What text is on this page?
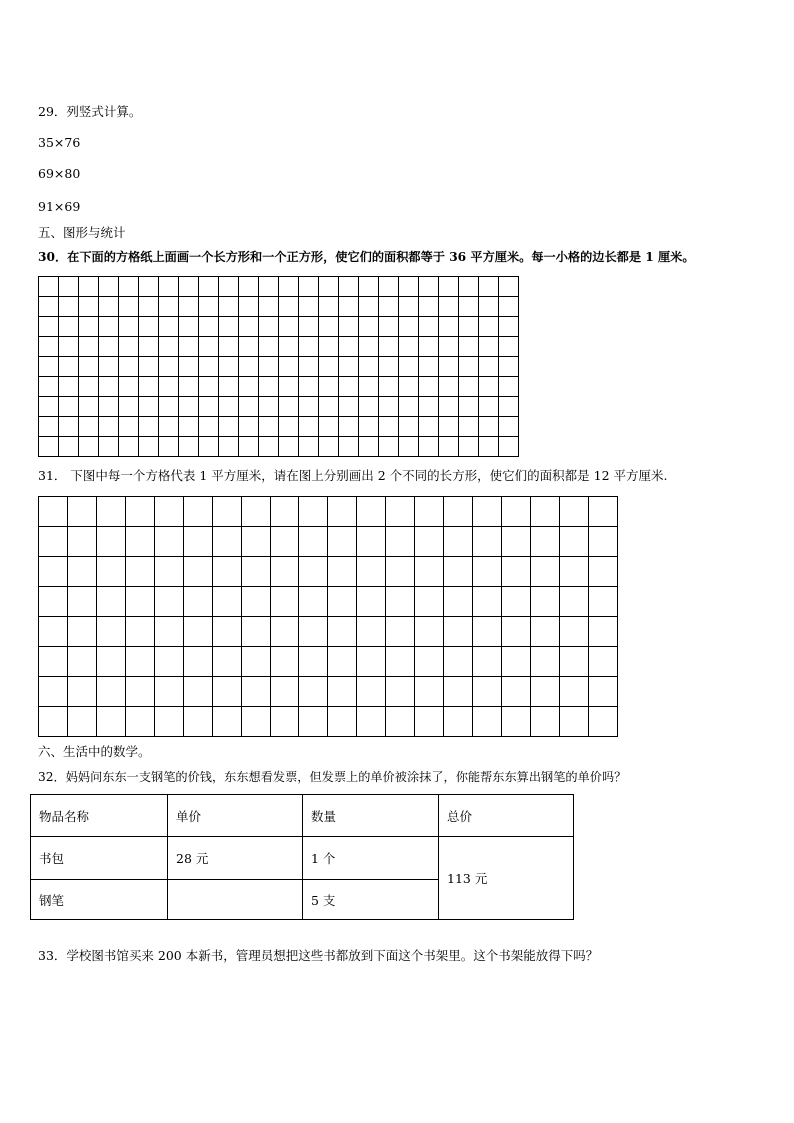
29．列竖式计算。
35×76
69×80
91×69
五、图形与统计
30．在下面的方格纸上面画一个长方形和一个正方形，使它们的面积都等于 36 平方厘米。每一小格的边长都是 1 厘米。

31． 下图中每一个方格代表 1 平方厘米，请在图上分别画出 2 个不同的长方形，使它们的面积都是 12 平方厘米.

六、生活中的数学。
32．妈妈问东东一支钢笔的价钱，东东想看发票，但发票上的单价被涂抹了，你能帮东东算出钢笔的单价吗？
物品名称	单价	数量	总价
书包	28 元	1 个	113 元
钢笔		5 支	
33．学校图书馆买来 200 本新书，管理员想把这些书都放到下面这个书架里。这个书架能放得下吗？
